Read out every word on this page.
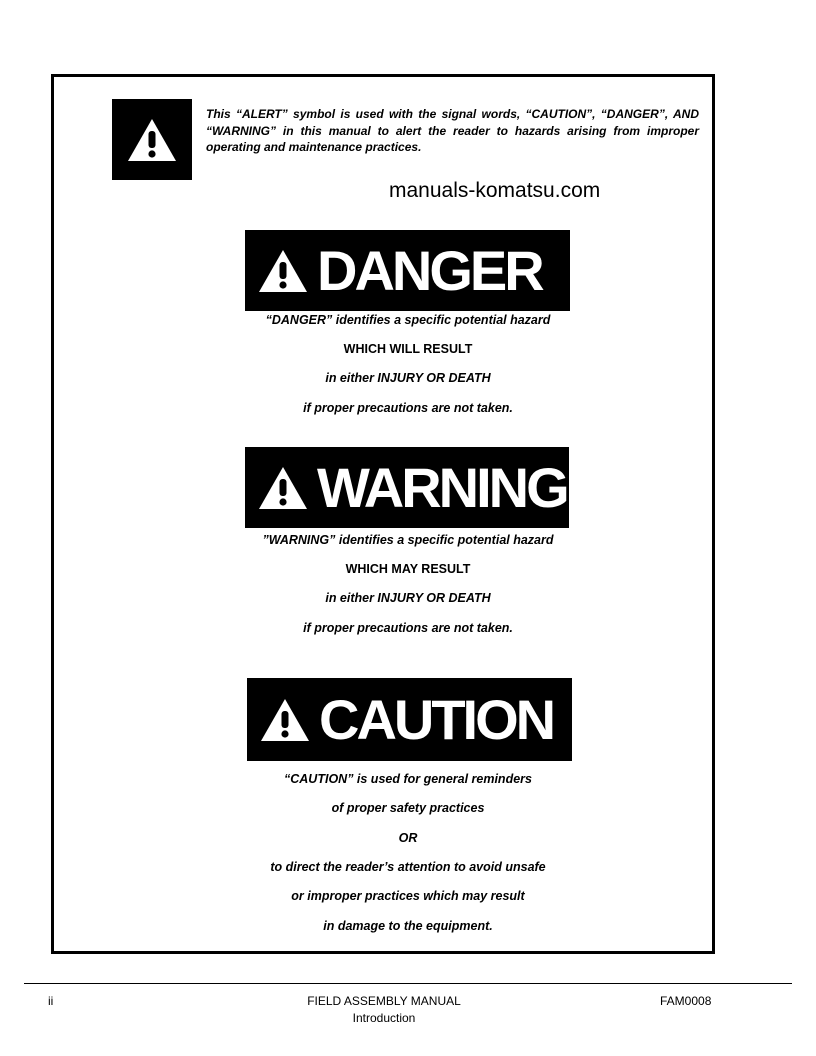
This “ALERT” symbol is used with the signal words, “CAUTION”, “DANGER”, AND “WARNING” in this manual to alert the reader to hazards arising from improper operating and maintenance practices.
manuals-komatsu.com
DANGER
“DANGER” identifies a specific potential hazard
WHICH WILL RESULT
in either INJURY OR DEATH
if proper precautions are not taken.
WARNING
”WARNING” identifies a specific potential hazard
WHICH MAY RESULT
in either INJURY OR DEATH
if proper precautions are not taken.
CAUTION
“CAUTION” is used for general reminders
of proper safety practices
OR
to direct the reader’s attention to avoid unsafe
or improper practices which may result
in damage to the equipment.
ii	FIELD ASSEMBLY MANUAL
Introduction
FAM0008
